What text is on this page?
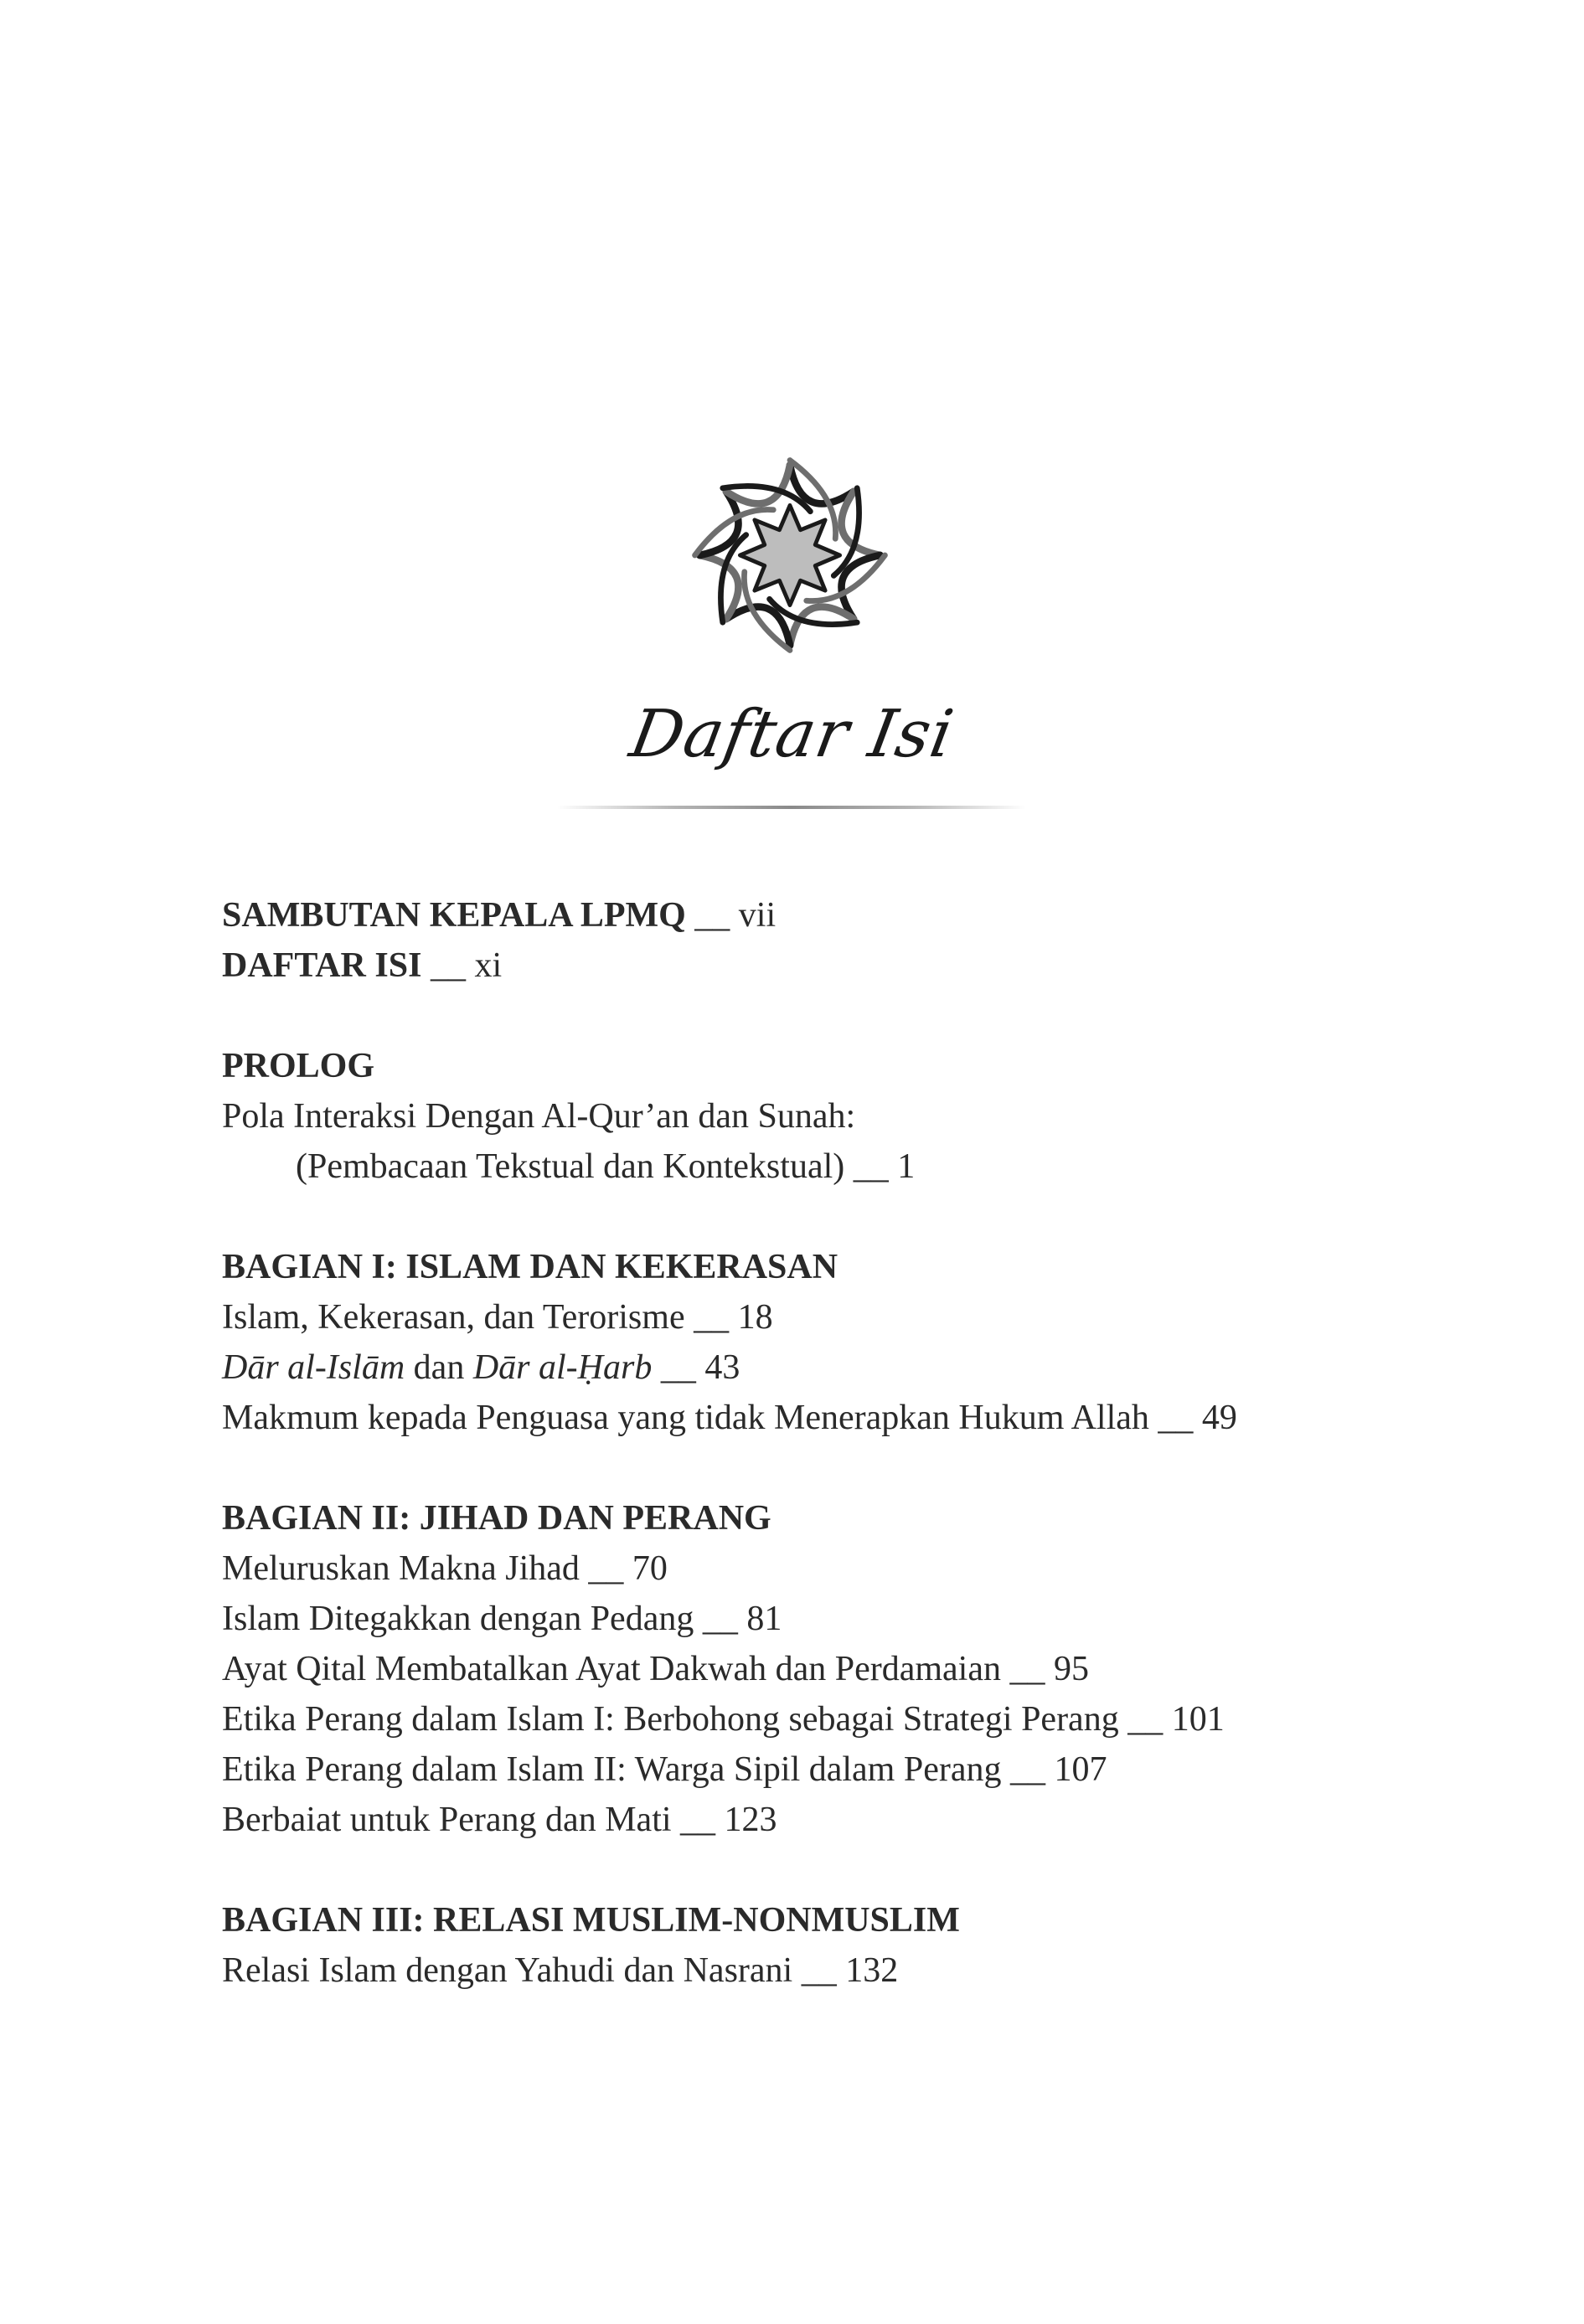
Daftar Isi
SAMBUTAN KEPALA LPMQ __ vii
DAFTAR ISI __ xi
PROLOG
Pola Interaksi Dengan Al-Qur’an dan Sunah:
(Pembacaan Tekstual dan Kontekstual) __ 1
BAGIAN I: ISLAM DAN KEKERASAN
Islam, Kekerasan, dan Terorisme __ 18
Dār al-Islām dan Dār al-Ḥarb __ 43
Makmum kepada Penguasa yang tidak Menerapkan Hukum Allah __ 49
BAGIAN II: JIHAD DAN PERANG
Meluruskan Makna Jihad __ 70
Islam Ditegakkan dengan Pedang __ 81
Ayat Qital Membatalkan Ayat Dakwah dan Perdamaian __ 95
Etika Perang dalam Islam I: Berbohong sebagai Strategi Perang __ 101
Etika Perang dalam Islam II: Warga Sipil dalam Perang __ 107
Berbaiat untuk Perang dan Mati __ 123
BAGIAN III: RELASI MUSLIM-NONMUSLIM
Relasi Islam dengan Yahudi dan Nasrani __ 132
